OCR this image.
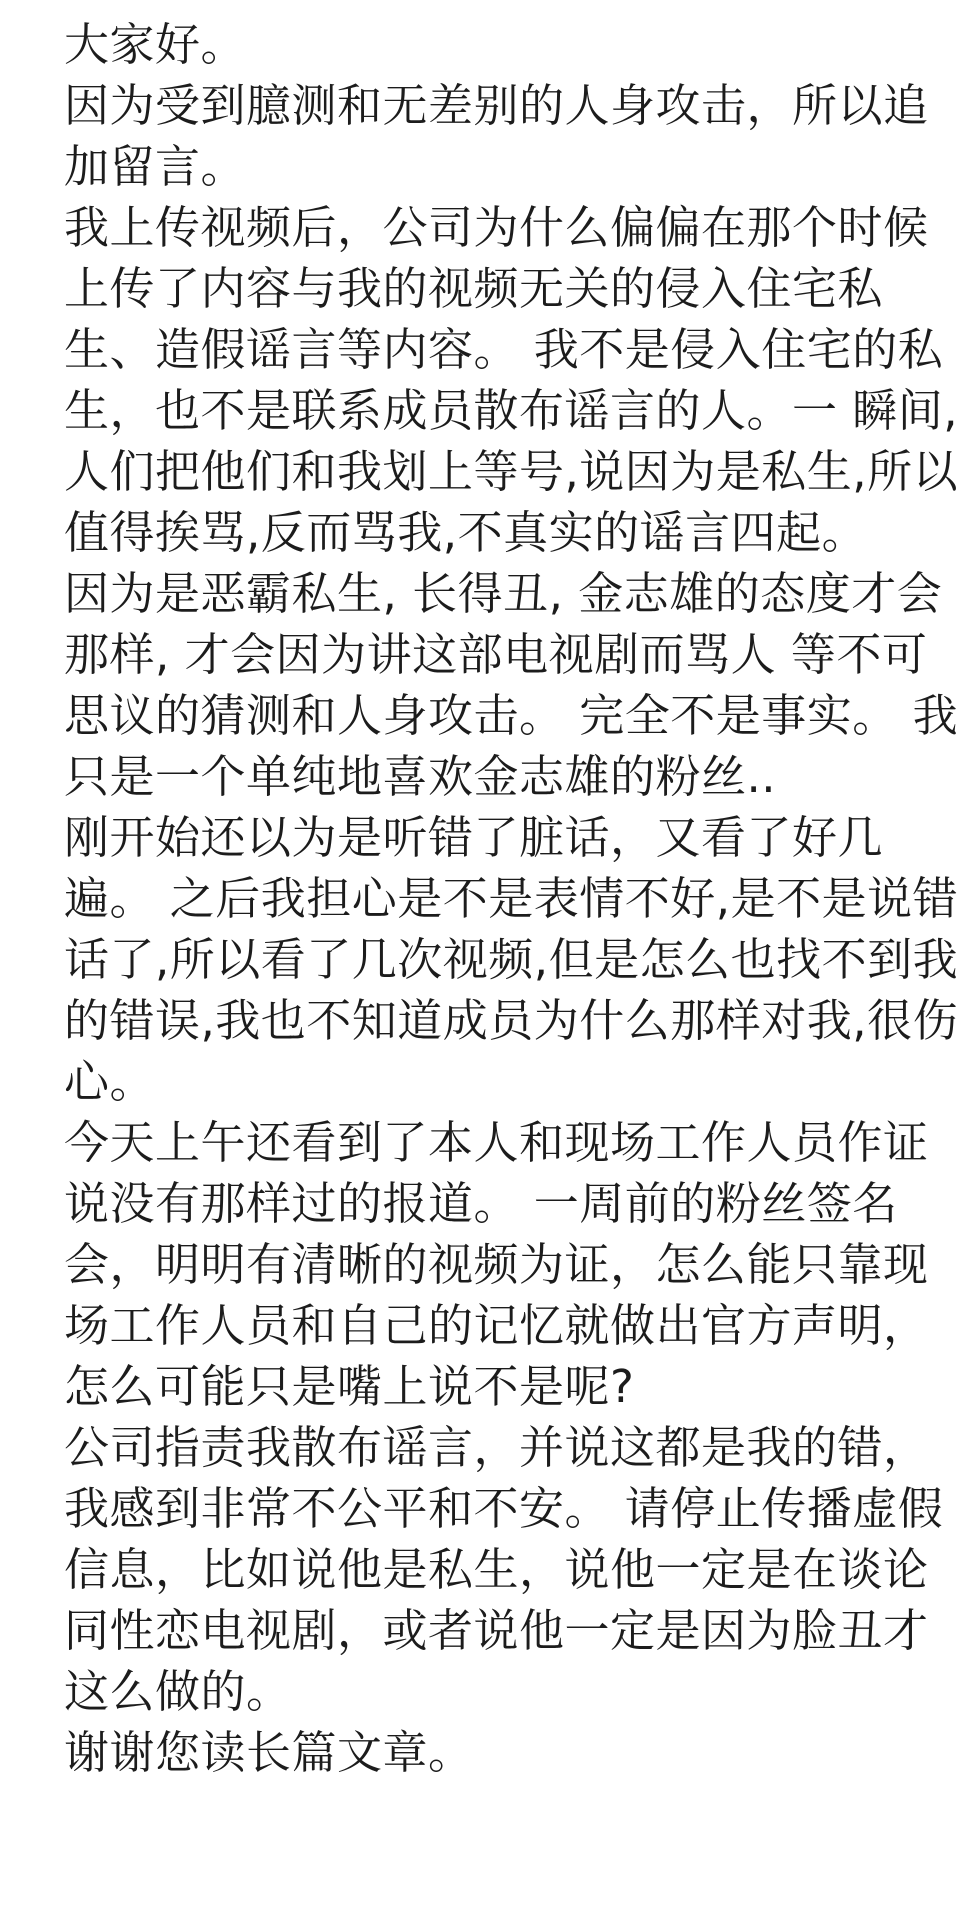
大家好。
因为受到臆测和无差别的人身攻击，所以追
加留言。
我上传视频后，公司为什么偏偏在那个时候
上传了内容与我的视频无关的侵入住宅私
生、造假谣言等内容。 我不是侵入住宅的私
生，也不是联系成员散布谣言的人。一 瞬间,
人们把他们和我划上等号,说因为是私生,所以
值得挨骂,反而骂我,不真实的谣言四起。
因为是恶霸私生, 长得丑, 金志雄的态度才会
那样, 才会因为讲这部电视剧而骂人 等不可
思议的猜测和人身攻击。 完全不是事实。 我
只是一个单纯地喜欢金志雄的粉丝..
刚开始还以为是听错了脏话，又看了好几
遍。 之后我担心是不是表情不好,是不是说错
话了,所以看了几次视频,但是怎么也找不到我
的错误,我也不知道成员为什么那样对我,很伤
心。
今天上午还看到了本人和现场工作人员作证
说没有那样过的报道。 一周前的粉丝签名
会，明明有清晰的视频为证，怎么能只靠现
场工作人员和自己的记忆就做出官方声明，
怎么可能只是嘴上说不是呢?
公司指责我散布谣言，并说这都是我的错，
我感到非常不公平和不安。 请停止传播虚假
信息，比如说他是私生，说他一定是在谈论
同性恋电视剧，或者说他一定是因为脸丑才
这么做的。
谢谢您读长篇文章。
